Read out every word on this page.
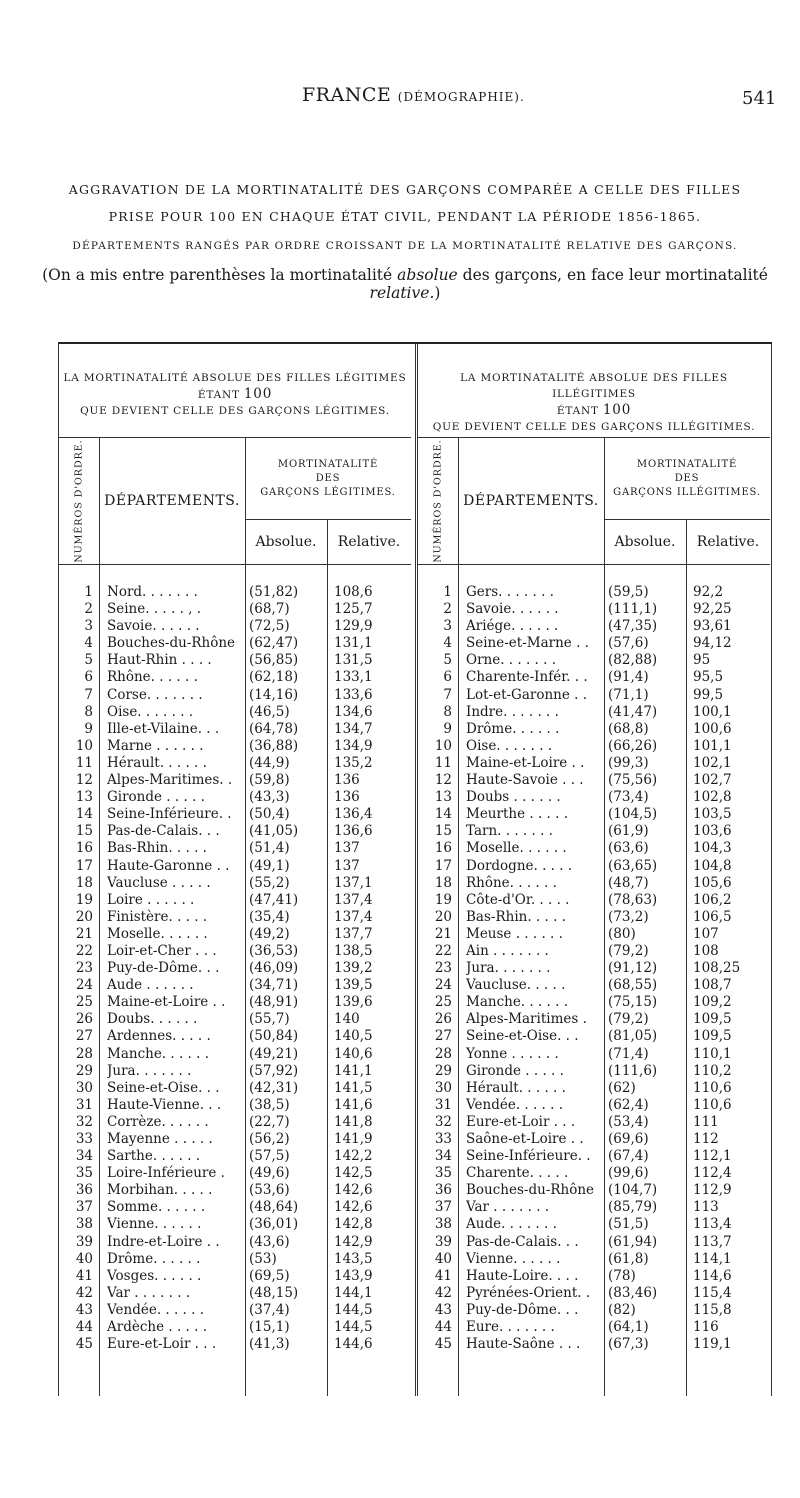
FRANCE (DÉMOGRAPHIE).	541
AGGRAVATION DE LA MORTINATALITÉ DES GARÇONS COMPARÉE A CELLE DES FILLES
PRISE POUR 100 EN CHAQUE ÉTAT CIVIL, PENDANT LA PÉRIODE 1856-1865.
DÉPARTEMENTS RANGÉS PAR ORDRE CROISSANT DE LA MORTINATALITÉ RELATIVE DES GARÇONS.
(On a mis entre parenthèses la mortinatalité absolue des garçons, en face leur mortinatalité relative.)
LA MORTINATALITÉ ABSOLUE DES FILLES LÉGITIMES
ÉTANT 100
QUE DEVIENT CELLE DES GARÇONS LÉGITIMES.
NUMÉROS D'ORDRE.	DÉPARTEMENTS.
MORTINATALITÉ
DES
GARÇONS LÉGITIMES.
Absolue.	Relative.
1 Nord. . . . . . .	(51,82)	108,6
2 Seine. . . . . , .	(68,7)	125,7
3 Savoie. . . . . .	(72,5)	129,9
4 Bouches-du-Rhône	(62,47)	131,1
5 Haut-Rhin . . . .	(56,85)	131,5
6 Rhône. . . . . .	(62,18)	133,1
7 Corse. . . . . . .	(14,16)	133,6
8 Oise. . . . . . .	(46,5)	134,6
9 Ille-et-Vilaine. . .	(64,78)	134,7
10 Marne . . . . . .	(36,88)	134,9
11 Hérault. . . . . .	(44,9)	135,2
12 Alpes-Maritimes. .	(59,8)	136
13 Gironde . . . . .	(43,3)	136
14 Seine-Inférieure. .	(50,4)	136,4
15 Pas-de-Calais. . .	(41,05)	136,6
16 Bas-Rhin. . . . .	(51,4)	137
17 Haute-Garonne . .	(49,1)	137
18 Vaucluse . . . . .	(55,2)	137,1
19 Loire . . . . . .	(47,41)	137,4
20 Finistère. . . . .	(35,4)	137,4
21 Moselle. . . . . .	(49,2)	137,7
22 Loir-et-Cher . . .	(36,53)	138,5
23 Puy-de-Dôme. . .	(46,09)	139,2
24 Aude . . . . . .	(34,71)	139,5
25 Maine-et-Loire . .	(48,91)	139,6
26 Doubs. . . . . .	(55,7)	140
27 Ardennes. . . . .	(50,84)	140,5
28 Manche. . . . . .	(49,21)	140,6
29 Jura. . . . . . .	(57,92)	141,1
30 Seine-et-Oise. . .	(42,31)	141,5
31 Haute-Vienne. . .	(38,5)	141,6
32 Corrèze. . . . . .	(22,7)	141,8
33 Mayenne . . . . .	(56,2)	141,9
34 Sarthe. . . . . .	(57,5)	142,2
35 Loire-Inférieure .	(49,6)	142,5
36 Morbihan. . . . .	(53,6)	142,6
37 Somme. . . . . .	(48,64)	142,6
38 Vienne. . . . . .	(36,01)	142,8
39 Indre-et-Loire . .	(43,6)	142,9
40 Drôme. . . . . .	(53)	143,5
41 Vosges. . . . . .	(69,5)	143,9
42 Var . . . . . . .	(48,15)	144,1
43 Vendée. . . . . .	(37,4)	144,5
44 Ardèche . . . . .	(15,1)	144,5
45 Eure-et-Loir . . .	(41,3)	144,6
LA MORTINATALITÉ ABSOLUE DES FILLES ILLÉGITIMES
ÉTANT 100
QUE DEVIENT CELLE DES GARÇONS ILLÉGITIMES.
NUMÉROS D'ORDRE.	DÉPARTEMENTS.
MORTINATALITÉ
DES
GARÇONS ILLÉGITIMES.
Absolue.	Relative.
1 Gers. . . . . . .	(59,5)	92,2
2 Savoie. . . . . .	(111,1)	92,25
3 Ariége. . . . . .	(47,35)	93,61
4 Seine-et-Marne . .	(57,6)	94,12
5 Orne. . . . . . .	(82,88)	95
6 Charente-Infér. . .	(91,4)	95,5
7 Lot-et-Garonne . .	(71,1)	99,5
8 Indre. . . . . . .	(41,47)	100,1
9 Drôme. . . . . .	(68,8)	100,6
10 Oise. . . . . . .	(66,26)	101,1
11 Maine-et-Loire . .	(99,3)	102,1
12 Haute-Savoie . . .	(75,56)	102,7
13 Doubs . . . . . .	(73,4)	102,8
14 Meurthe . . . . .	(104,5)	103,5
15 Tarn. . . . . . .	(61,9)	103,6
16 Moselle. . . . . .	(63,6)	104,3
17 Dordogne. . . . .	(63,65)	104,8
18 Rhône. . . . . .	(48,7)	105,6
19 Côte-d'Or. . . . .	(78,63)	106,2
20 Bas-Rhin. . . . .	(73,2)	106,5
21 Meuse . . . . . .	(80)	107
22 Ain . . . . . . .	(79,2)	108
23 Jura. . . . . . .	(91,12)	108,25
24 Vaucluse. . . . .	(68,55)	108,7
25 Manche. . . . . .	(75,15)	109,2
26 Alpes-Maritimes .	(79,2)	109,5
27 Seine-et-Oise. . .	(81,05)	109,5
28 Yonne . . . . . .	(71,4)	110,1
29 Gironde . . . . .	(111,6)	110,2
30 Hérault. . . . . .	(62)	110,6
31 Vendée. . . . . .	(62,4)	110,6
32 Eure-et-Loir . . .	(53,4)	111
33 Saône-et-Loire . .	(69,6)	112
34 Seine-Inférieure. .	(67,4)	112,1
35 Charente. . . . .	(99,6)	112,4
36 Bouches-du-Rhône	(104,7)	112,9
37 Var . . . . . . .	(85,79)	113
38 Aude. . . . . . .	(51,5)	113,4
39 Pas-de-Calais. . .	(61,94)	113,7
40 Vienne. . . . . .	(61,8)	114,1
41 Haute-Loire. . . .	(78)	114,6
42 Pyrénées-Orient. .	(83,46)	115,4
43 Puy-de-Dôme. . .	(82)	115,8
44 Eure. . . . . . .	(64,1)	116
45 Haute-Saône . . .	(67,3)	119,1
